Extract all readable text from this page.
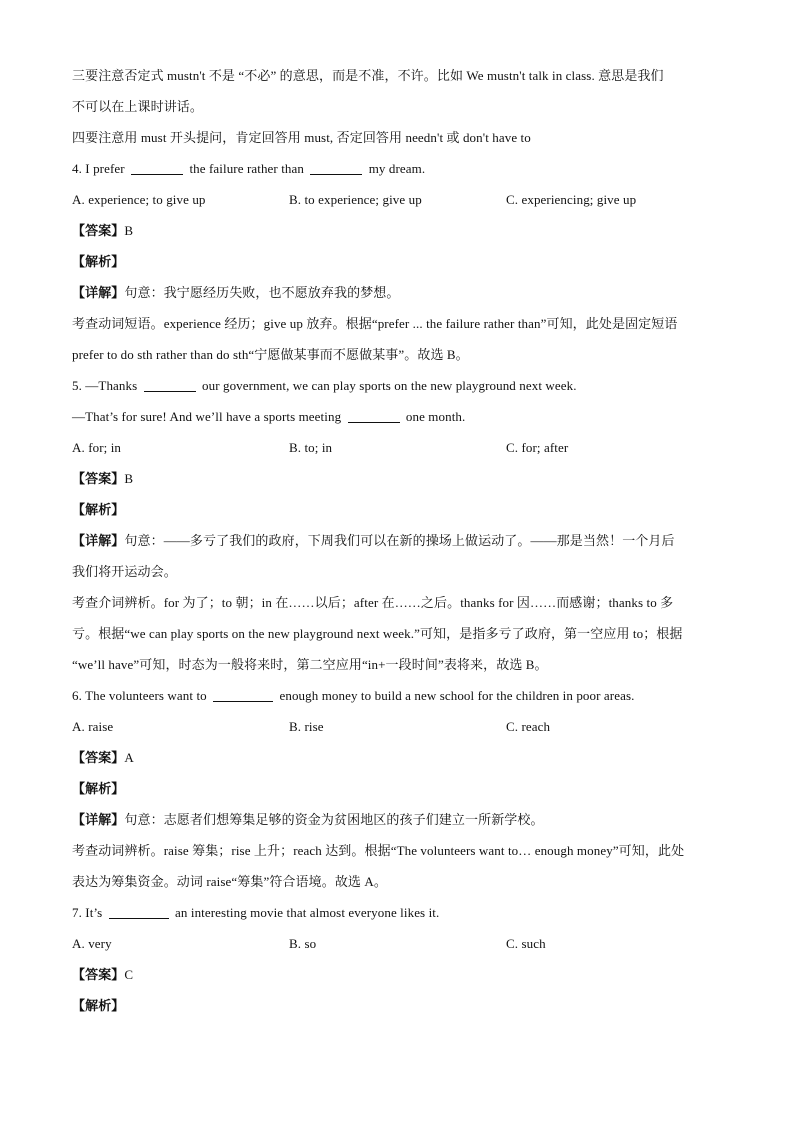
三要注意否定式 mustn't 不是 “不必” 的意思，而是不准，不许。比如 We mustn't talk in class. 意思是我们
不可以在上课时讲话。
四要注意用 must 开头提问，肯定回答用 must, 否定回答用 needn't 或 don't have to
4. I prefer	the failure rather than	my dream.
A. experience; to give up	B. to experience; give up	C. experiencing; give up
【答案】B
【解析】
【详解】句意：我宁愿经历失败，也不愿放弃我的梦想。
考查动词短语。experience 经历；give up 放弃。根据“prefer ... the failure rather than”可知，此处是固定短语
prefer to do sth rather than do sth“宁愿做某事而不愿做某事”。故选 B。
5. —Thanks	our government, we can play sports on the new playground next week.
—That’s for sure! And we’ll have a sports meeting	one month.
A. for; in	B. to; in	C. for; after
【答案】B
【解析】
【详解】句意：——多亏了我们的政府，下周我们可以在新的操场上做运动了。——那是当然！一个月后
我们将开运动会。
考查介词辨析。for 为了；to 朝；in 在……以后；after 在……之后。thanks for 因……而感谢；thanks to 多
亏。根据“we can play sports on the new playground next week.”可知，是指多亏了政府，第一空应用 to；根据
“we’ll have”可知，时态为一般将来时，第二空应用“in+一段时间”表将来，故选 B。
6. The volunteers want to	enough money to build a new school for the children in poor areas.
A. raise	B. rise	C. reach
【答案】A
【解析】
【详解】句意：志愿者们想筹集足够的资金为贫困地区的孩子们建立一所新学校。
考查动词辨析。raise 筹集；rise 上升；reach 达到。根据“The volunteers want to… enough money”可知，此处
表达为筹集资金。动词 raise“筹集”符合语境。故选 A。
7. It’s	an interesting movie that almost everyone likes it.
A. very	B. so	C. such
【答案】C
【解析】
